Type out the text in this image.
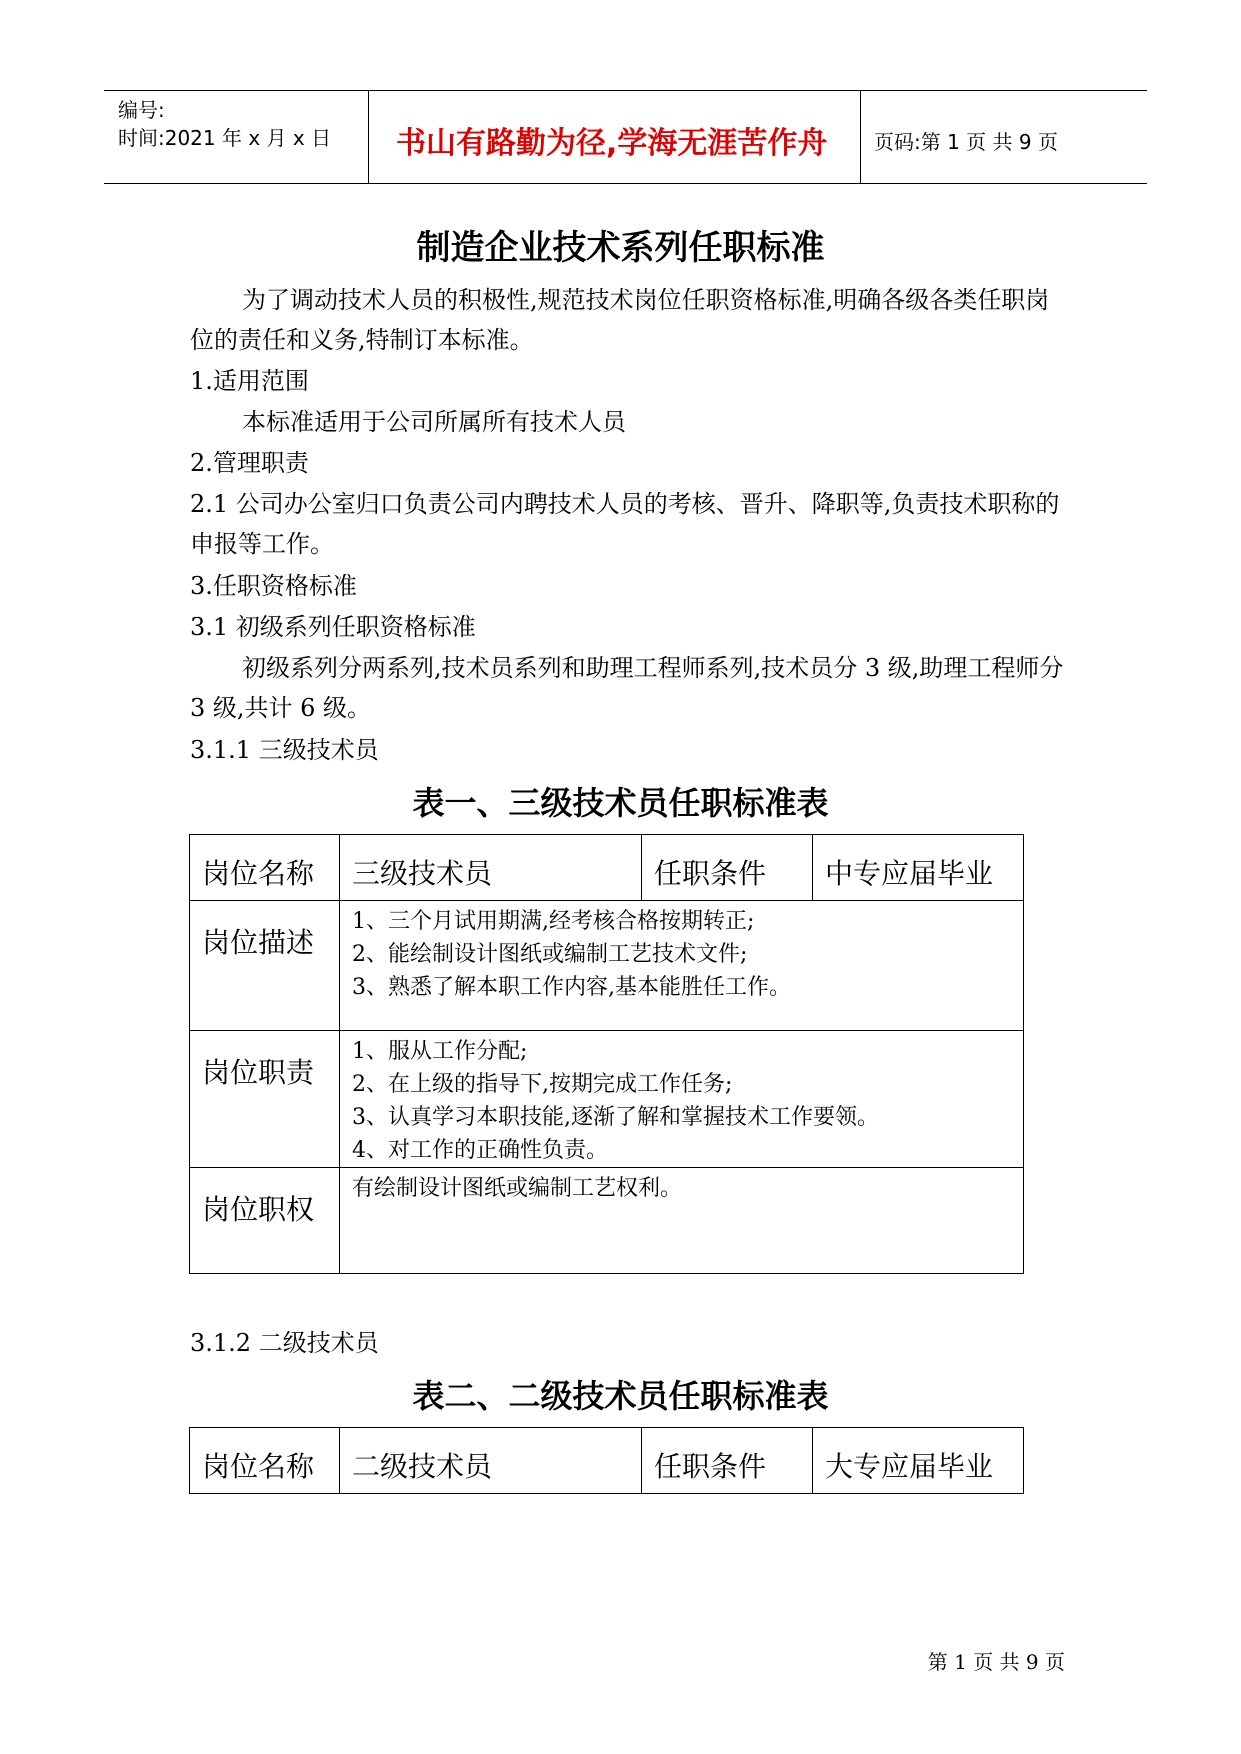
编号:
时间:2021 年 x 月 x 日 书山有路勤为径,学海无涯苦作舟 页码:第 1 页 共 9 页
制造企业技术系列任职标准
为了调动技术人员的积极性,规范技术岗位任职资格标准,明确各级各类任职岗位的责任和义务,特制订本标准。
1.适用范围
本标准适用于公司所属所有技术人员
2.管理职责
2.1 公司办公室归口负责公司内聘技术人员的考核、晋升、降职等,负责技术职称的申报等工作。
3.任职资格标准
3.1 初级系列任职资格标准
初级系列分两系列,技术员系列和助理工程师系列,技术员分 3 级,助理工程师分 3 级,共计 6 级。
3.1.1 三级技术员
表一、三级技术员任职标准表
岗位名称	三级技术员	任职条件	中专应届毕业
岗位描述	1、三个月试用期满,经考核合格按期转正;
2、能绘制设计图纸或编制工艺技术文件;
3、熟悉了解本职工作内容,基本能胜任工作。		

岗位职责	1、服从工作分配;
2、在上级的指导下,按期完成工作任务;
3、认真学习本职技能,逐渐了解和掌握技术工作要领。
4、对工作的正确性负责。		

岗位职权	有绘制设计图纸或编制工艺权利。		
3.1.2 二级技术员
表二、二级技术员任职标准表
岗位名称	二级技术员	任职条件	大专应届毕业
第 1 页 共 9 页
